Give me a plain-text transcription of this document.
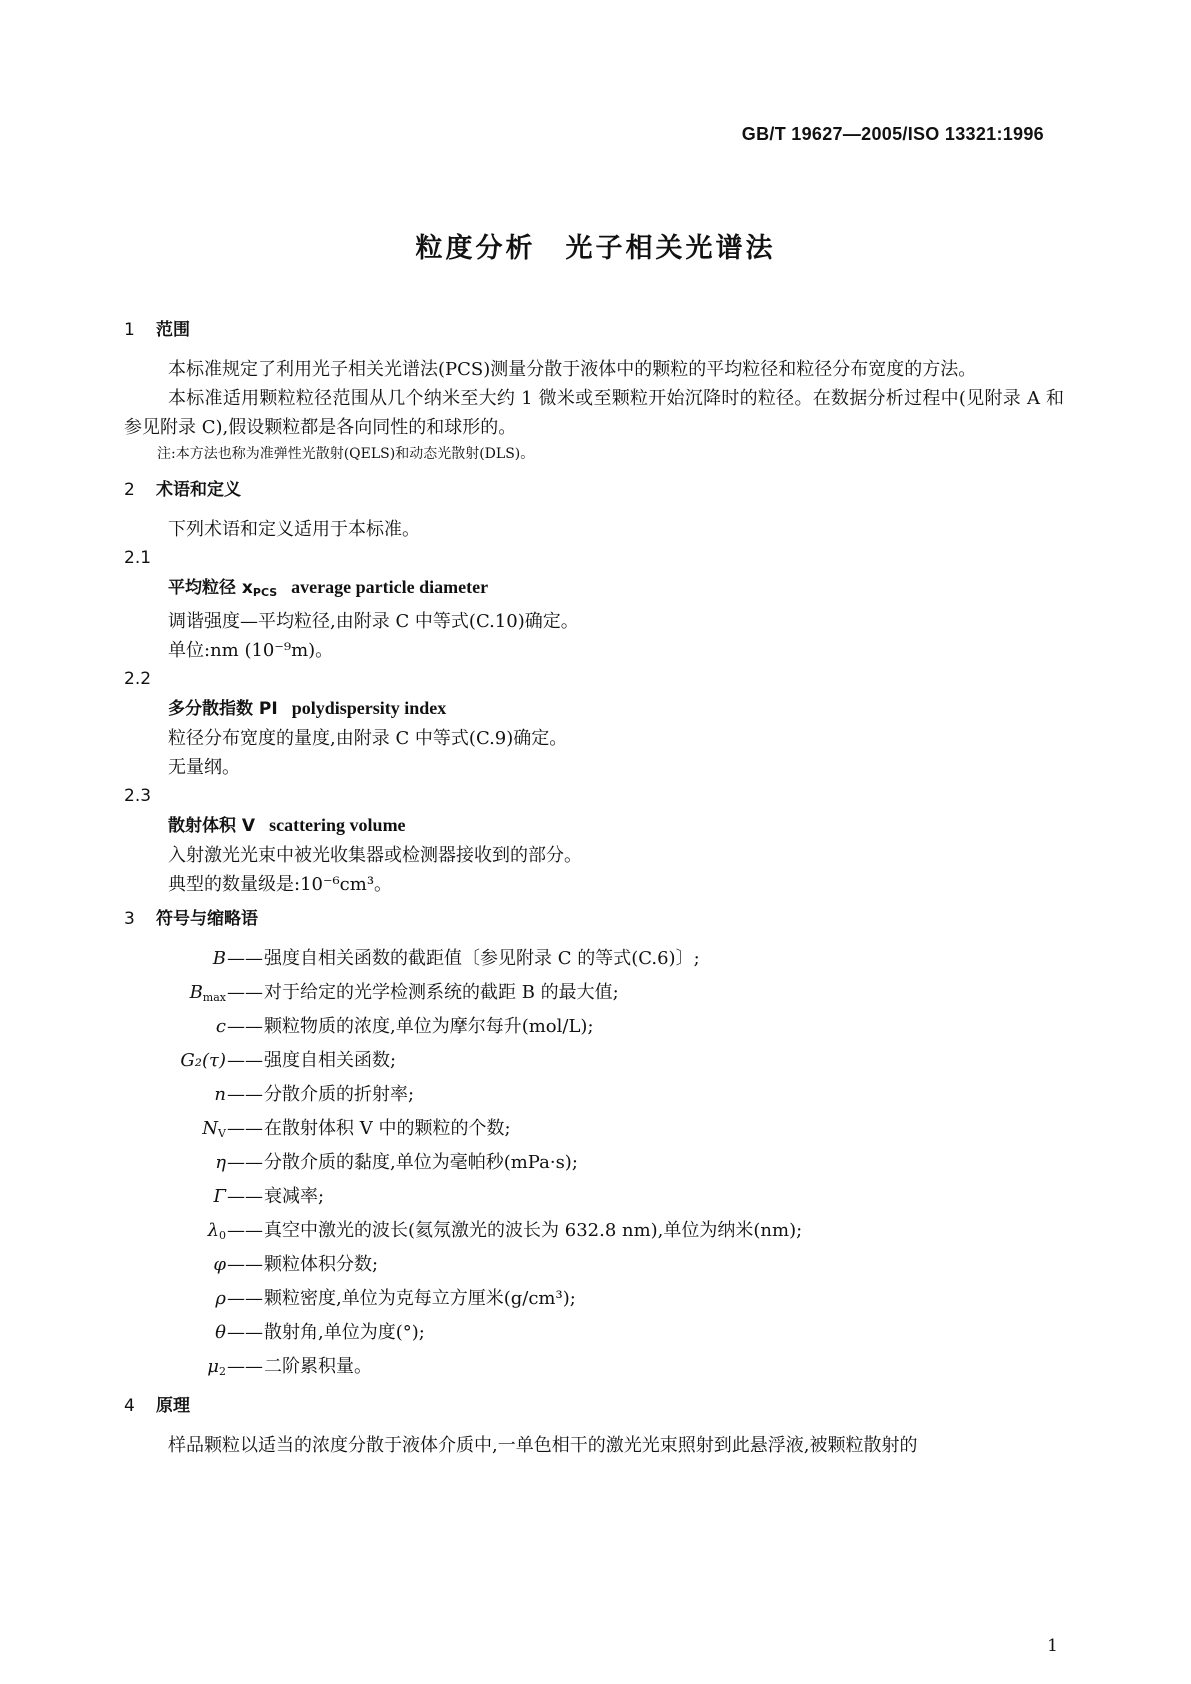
GB/T 19627—2005/ISO 13321:1996
粒度分析 光子相关光谱法
1 范围

本标准规定了利用光子相关光谱法(PCS)测量分散于液体中的颗粒的平均粒径和粒径分布宽度的方法。

本标准适用颗粒粒径范围从几个纳米至大约 1 微米或至颗粒开始沉降时的粒径。在数据分析过程中(见附录 A 和参见附录 C),假设颗粒都是各向同性的和球形的。

注:本方法也称为准弹性光散射(QELS)和动态光散射(DLS)。
2 术语和定义

下列术语和定义适用于本标准。

2.1
平均粒径 xPCS average particle diameter
调谐强度—平均粒径,由附录 C 中等式(C.10)确定。
单位:nm (10⁻⁹m)。
2.2
多分散指数 PI polydispersity index
粒径分布宽度的量度,由附录 C 中等式(C.9)确定。
无量纲。
2.3
散射体积 V scattering volume
入射激光光束中被光收集器或检测器接收到的部分。
典型的数量级是:10⁻⁶cm³。
3 符号与缩略语
B —— 强度自相关函数的截距值〔参见附录 C 的等式(C.6)〕;
$B_{max}$ —— 对于给定的光学检测系统的截距 B 的最大值;
c —— 颗粒物质的浓度,单位为摩尔每升(mol/L);
G₂(τ) —— 强度自相关函数;
n —— 分散介质的折射率;
$N_V$ —— 在散射体积 V 中的颗粒的个数;
η —— 分散介质的黏度,单位为毫帕秒(mPa·s);
Γ —— 衰减率;
$\lambda_0$ —— 真空中激光的波长(氦氖激光的波长为 632.8 nm),单位为纳米(nm);
φ —— 颗粒体积分数;
ρ —— 颗粒密度,单位为克每立方厘米(g/cm³);
θ —— 散射角,单位为度(°);
$\mu_2$ —— 二阶累积量。
4 原理

样品颗粒以适当的浓度分散于液体介质中,一单色相干的激光光束照射到此悬浮液,被颗粒散射的

1
